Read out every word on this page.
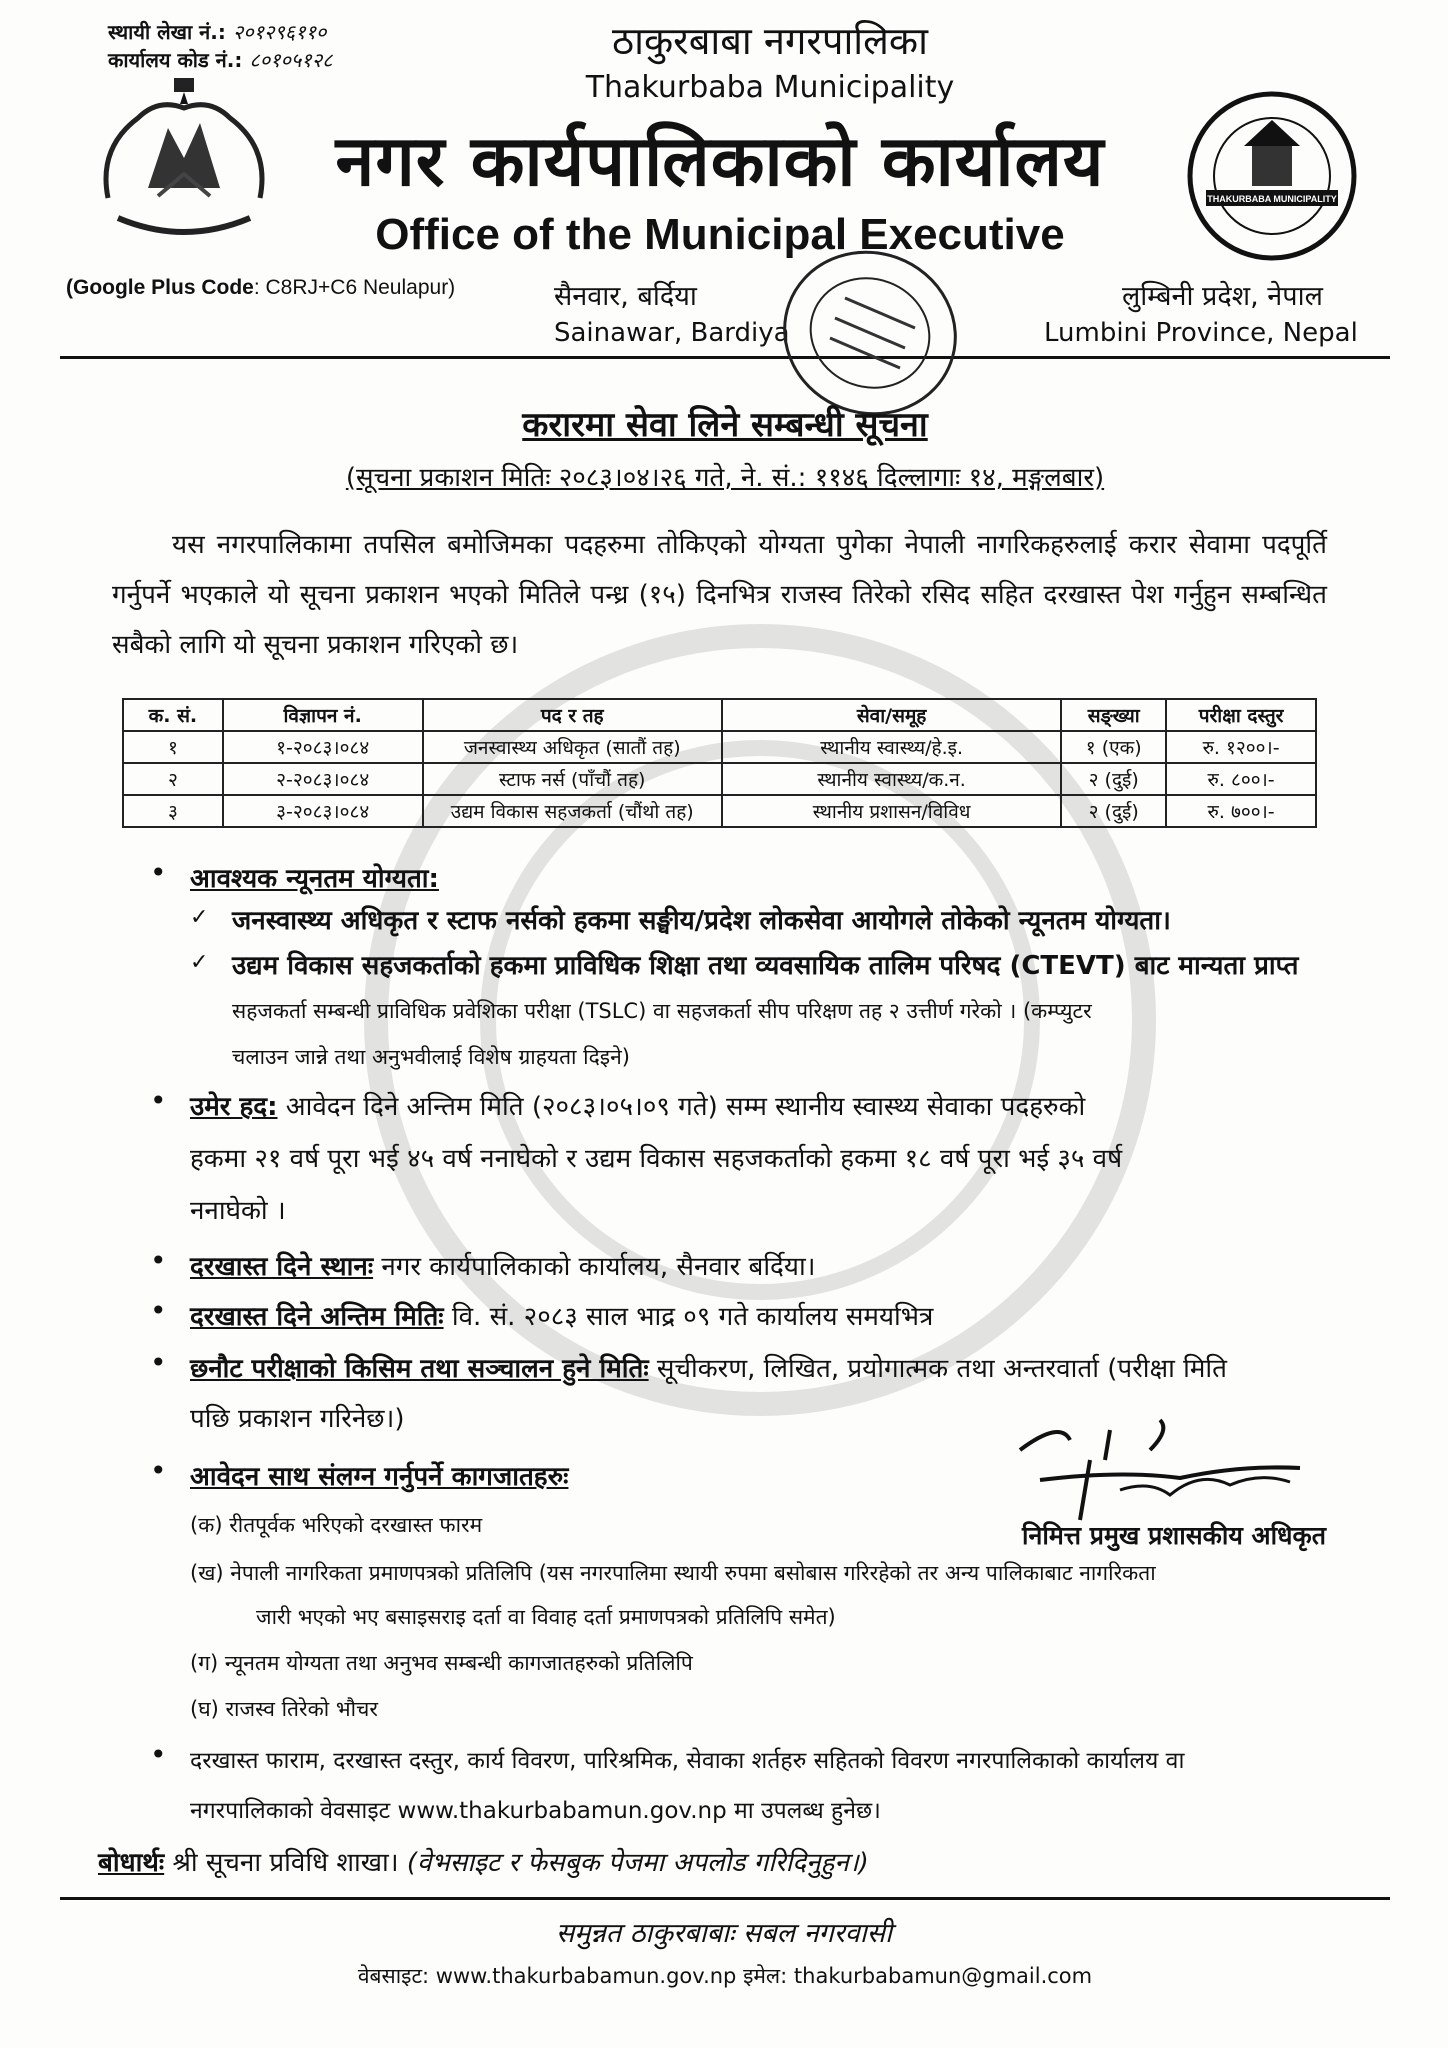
स्थायी लेखा नं.: २०१२९६११०
कार्यालय कोड नं.: ८०१०५१२८
THAKURBABA MUNICIPALITY
ठाकुरबाबा नगरपालिका
Thakurbaba Municipality
नगर कार्यपालिकाको कार्यालय
Office of the Municipal Executive
(Google Plus Code: C8RJ+C6 Neulapur)	सैनवार, बर्दिया
Sainawar, Bardiya
लुम्बिनी प्रदेश, नेपाल
Lumbini Province, Nepal
करारमा सेवा लिने सम्बन्धी सूचना
(सूचना प्रकाशन मितिः २०८३।०४।२६ गते, ने. सं.: ११४६ दिल्लागाः १४, मङ्गलबार)
यस नगरपालिकामा तपसिल बमोजिमका पदहरुमा तोकिएको योग्यता पुगेका नेपाली नागरिकहरुलाई करार सेवामा पदपूर्ति गर्नुपर्ने भएकाले यो सूचना प्रकाशन भएको मितिले पन्ध्र (१५) दिनभित्र राजस्व तिरेको रसिद सहित दरखास्त पेश गर्नुहुन सम्बन्धित सबैको लागि यो सूचना प्रकाशन गरिएको छ।
क. सं.	विज्ञापन नं.	पद र तह	सेवा/समूह	सङ्ख्या	परीक्षा दस्तुर
१	१-२०८३।०८४	जनस्वास्थ्य अधिकृत (सातौं तह)	स्थानीय स्वास्थ्य/हे.इ.	१ (एक)	रु. १२००।-
२	२-२०८३।०८४	स्टाफ नर्स (पाँचौं तह)	स्थानीय स्वास्थ्य/क.न.	२ (दुई)	रु. ८००।-
३	३-२०८३।०८४	उद्यम विकास सहजकर्ता (चौंथो तह)	स्थानीय प्रशासन/विविध	२ (दुई)	रु. ७००।-
• आवश्यक न्यूनतम योग्यता:
✓ जनस्वास्थ्य अधिकृत र स्टाफ नर्सको हकमा सङ्घीय/प्रदेश लोकसेवा आयोगले तोकेको न्यूनतम योग्यता।
✓ उद्यम विकास सहजकर्ताको हकमा प्राविधिक शिक्षा तथा व्यवसायिक तालिम परिषद (CTEVT) बाट मान्यता प्राप्त
सहजकर्ता सम्बन्धी प्राविधिक प्रवेशिका परीक्षा (TSLC) वा सहजकर्ता सीप परिक्षण तह २ उत्तीर्ण गरेको । (कम्प्युटर
चलाउन जान्ने तथा अनुभवीलाई विशेष ग्राहयता दिइने)
• उमेर हद: आवेदन दिने अन्तिम मिति (२०८३।०५।०९ गते) सम्म स्थानीय स्वास्थ्य सेवाका पदहरुको
हकमा २१ वर्ष पूरा भई ४५ वर्ष ननाघेको र उद्यम विकास सहजकर्ताको हकमा १८ वर्ष पूरा भई ३५ वर्ष
ननाघेको ।
• दरखास्त दिने स्थानः नगर कार्यपालिकाको कार्यालय, सैनवार बर्दिया।
• दरखास्त दिने अन्तिम मितिः वि. सं. २०८३ साल भाद्र ०९ गते कार्यालय समयभित्र
• छनौट परीक्षाको किसिम तथा सञ्चालन हुने मितिः सूचीकरण, लिखित, प्रयोगात्मक तथा अन्तरवार्ता (परीक्षा मिति
पछि प्रकाशन गरिनेछ।)
• आवेदन साथ संलग्न गर्नुपर्ने कागजातहरुः
(क) रीतपूर्वक भरिएको दरखास्त फारम
(ख) नेपाली नागरिकता प्रमाणपत्रको प्रतिलिपि (यस नगरपालिमा स्थायी रुपमा बसोबास गरिरहेको तर अन्य पालिकाबाट नागरिकता
जारी भएको भए बसाइसराइ दर्ता वा विवाह दर्ता प्रमाणपत्रको प्रतिलिपि समेत)
(ग) न्यूनतम योग्यता तथा अनुभव सम्बन्धी कागजातहरुको प्रतिलिपि
(घ) राजस्व तिरेको भौचर
निमित्त प्रमुख प्रशासकीय अधिकृत
• दरखास्त फाराम, दरखास्त दस्तुर, कार्य विवरण, पारिश्रमिक, सेवाका शर्तहरु सहितको विवरण नगरपालिकाको कार्यालय वा
नगरपालिकाको वेवसाइट www.thakurbabamun.gov.np मा उपलब्ध हुनेछ।
बोधार्थः श्री सूचना प्रविधि शाखा। (वेभसाइट र फेसबुक पेजमा अपलोड गरिदिनुहुन।)
समुन्नत ठाकुरबाबाः सबल नगरवासी
वेबसाइट: www.thakurbabamun.gov.np इमेल: thakurbabamun@gmail.com
